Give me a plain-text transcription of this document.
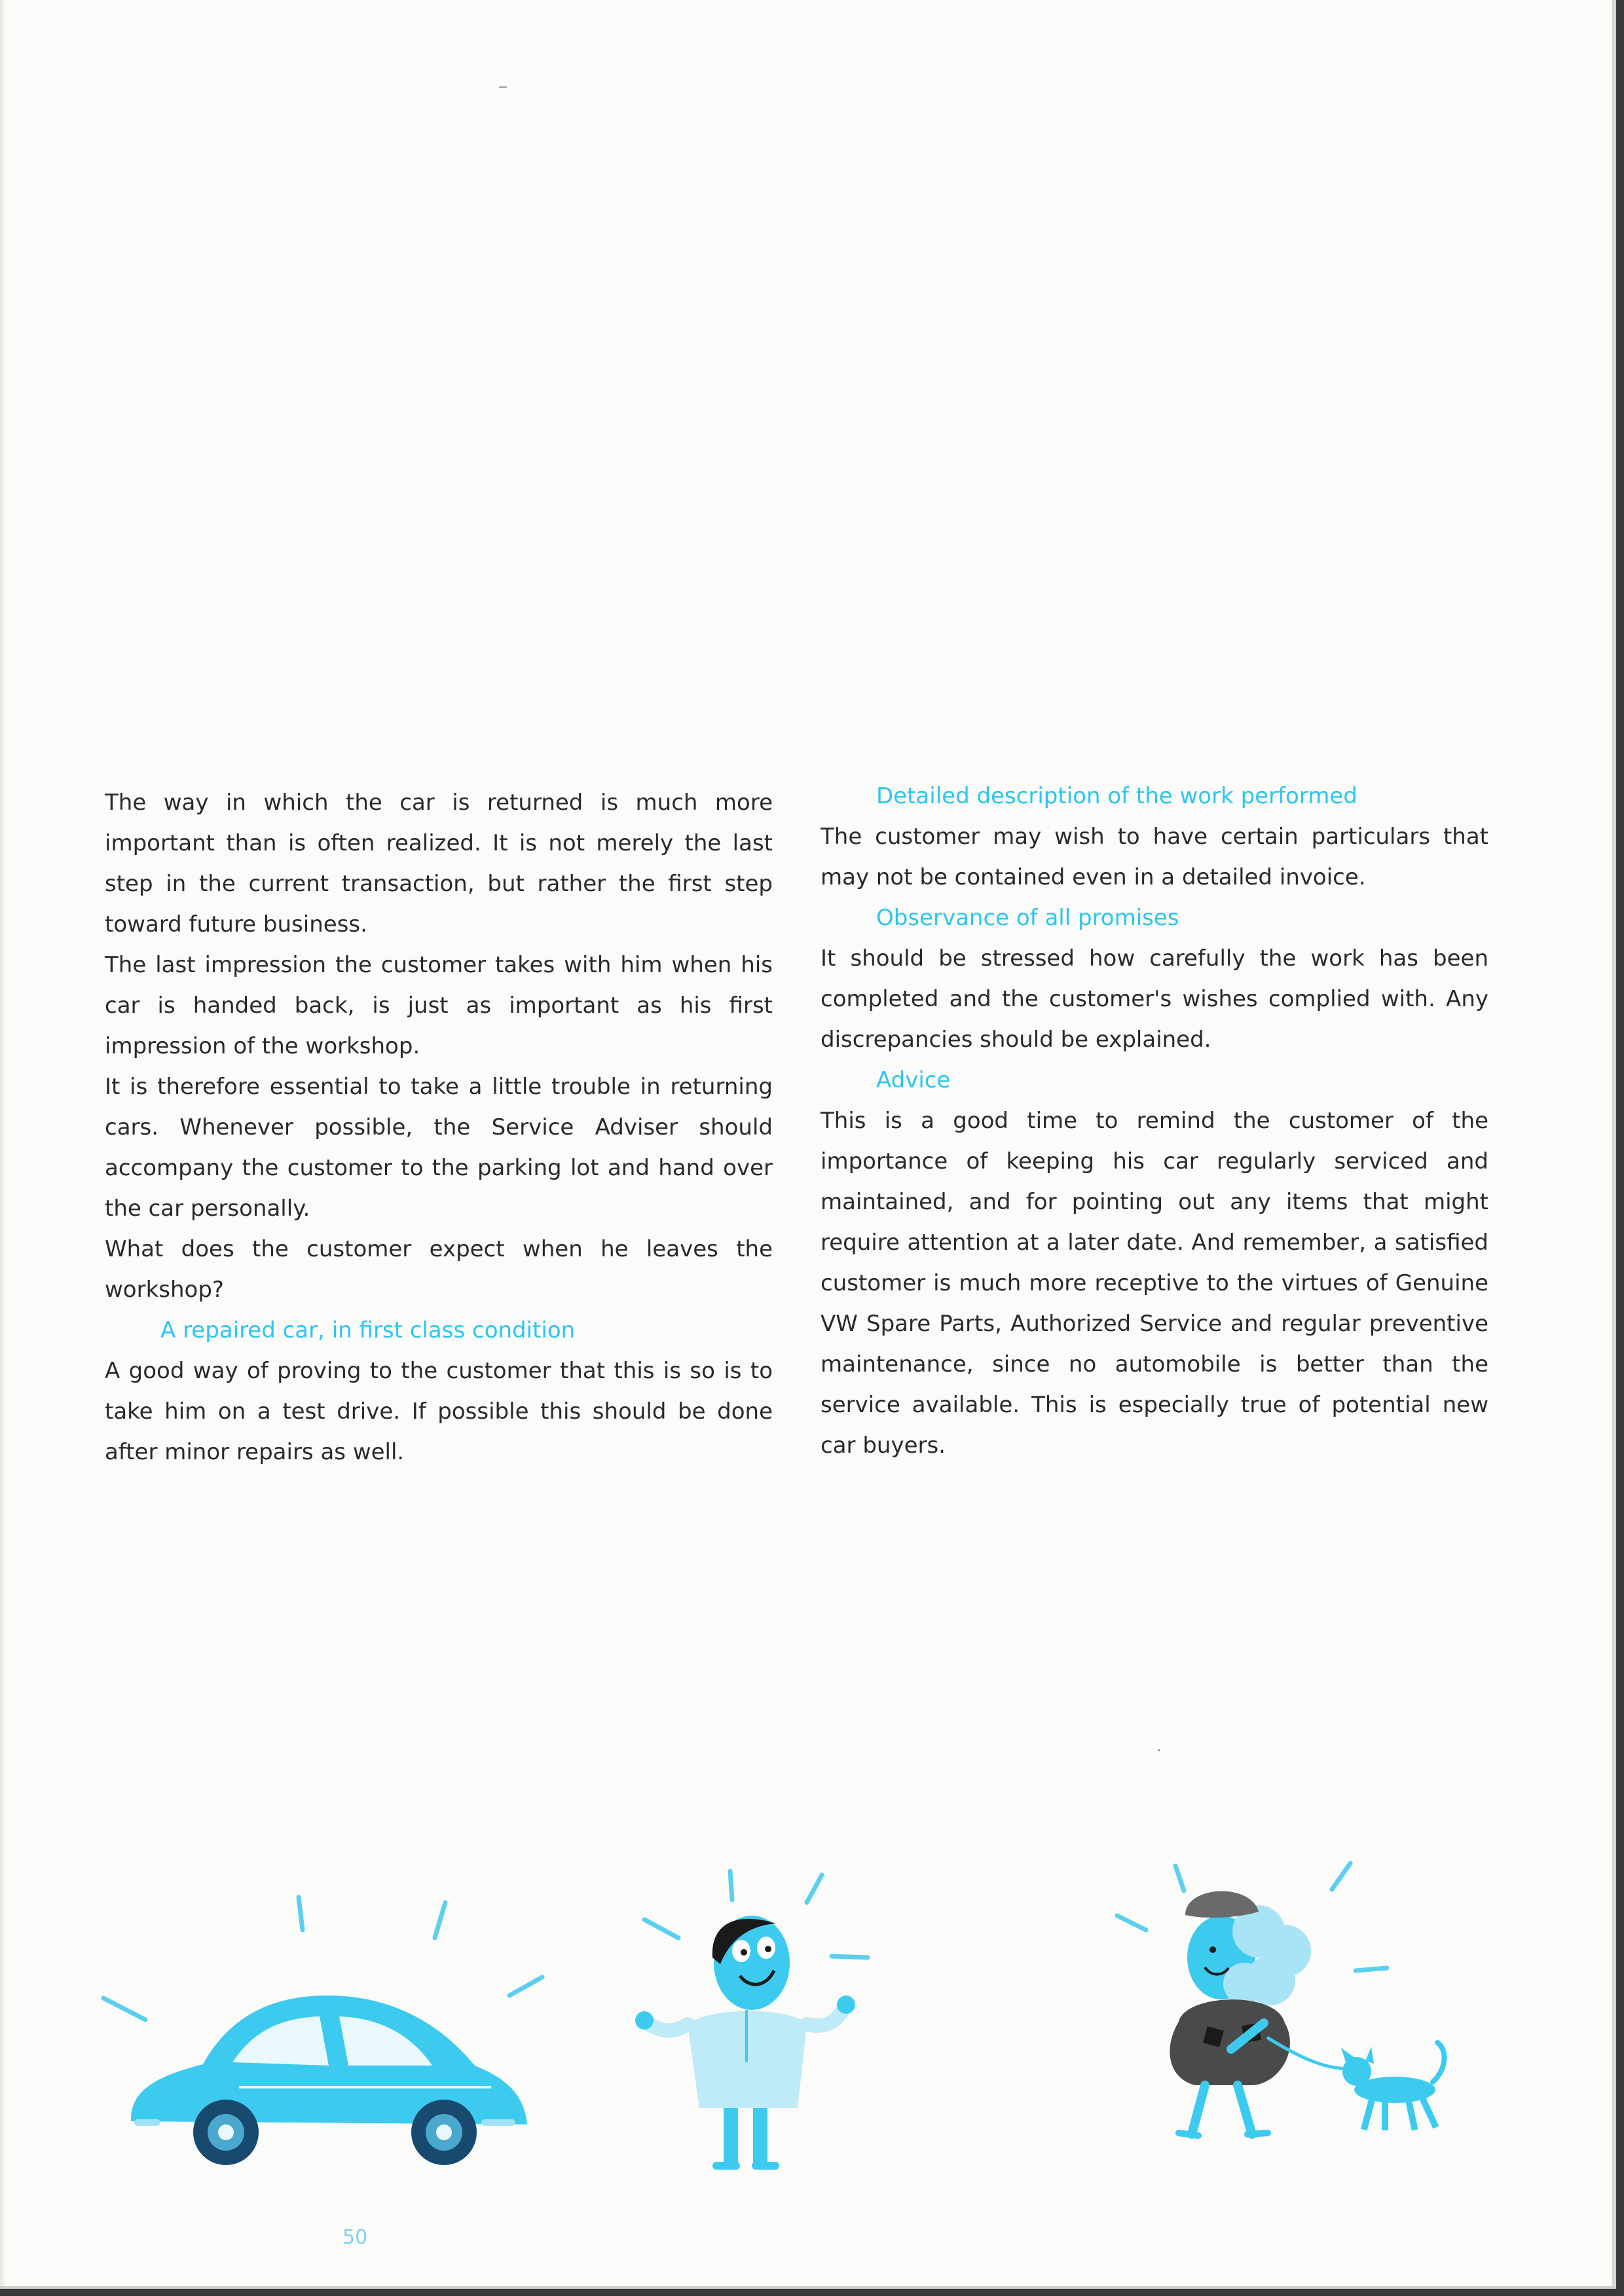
The way in which the car is returned is much more important than is often realized. It is not merely the last step in the current transaction, but rather the first step toward future business.

The last impression the customer takes with him when his car is handed back, is just as important as his first impression of the workshop.

It is therefore essential to take a little trouble in returning cars. Whenever possible, the Service Adviser should accompany the customer to the parking lot and hand over the car personally.

What does the customer expect when he leaves the workshop?

A repaired car, in first class condition

A good way of proving to the customer that this is so is to take him on a test drive. If possible this should be done after minor repairs as well.

Detailed description of the work performed

The customer may wish to have certain particulars that may not be contained even in a detailed invoice.

Observance of all promises

It should be stressed how carefully the work has been completed and the customer's wishes complied with. Any discrepancies should be explained.

Advice

This is a good time to remind the customer of the importance of keeping his car regularly serviced and maintained, and for pointing out any items that might require attention at a later date. And remember, a satisfied customer is much more receptive to the virtues of Genuine VW Spare Parts, Authorized Service and regular preventive maintenance, since no automobile is better than the service available. This is especially true of potential new car buyers.

50
